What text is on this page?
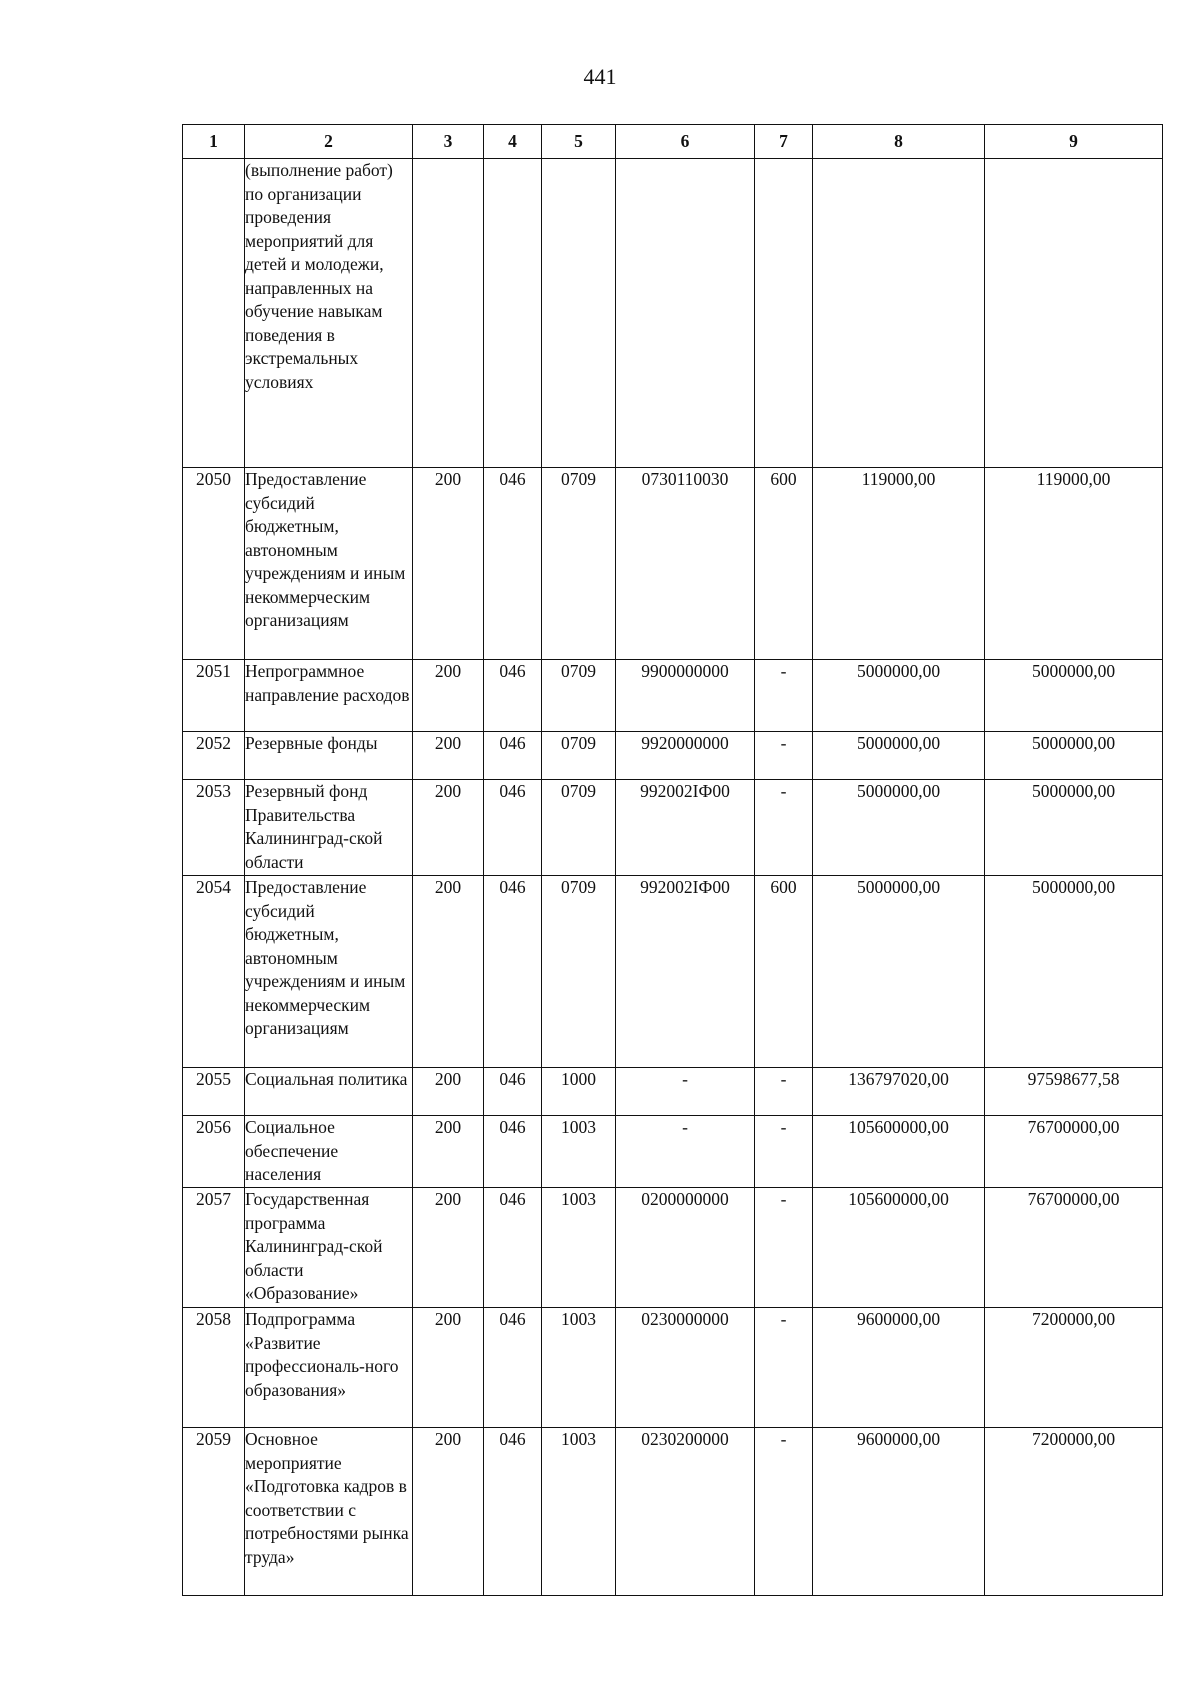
441
1	2	3	4	5	6	7	8	9
	(выполнение работ) по организации проведения мероприятий для детей и молодежи, направленных на обучение навыкам поведения в экстремальных условиях							
2050	Предоставление субсидий бюджетным, автономным учреждениям и иным некоммерческим организациям	200	046	0709	0730110030	600	119000,00	119000,00
2051	Непрограммное направление расходов	200	046	0709	9900000000	-	5000000,00	5000000,00
2052	Резервные фонды	200	046	0709	9920000000	-	5000000,00	5000000,00
2053	Резервный фонд Правительства Калининград-ской области	200	046	0709	992002IФ00	-	5000000,00	5000000,00
2054	Предоставление субсидий бюджетным, автономным учреждениям и иным некоммерческим организациям	200	046	0709	992002IФ00	600	5000000,00	5000000,00
2055	Социальная политика	200	046	1000	-	-	136797020,00	97598677,58
2056	Социальное обеспечение населения	200	046	1003	-	-	105600000,00	76700000,00
2057	Государственная программа Калининград-ской области «Образование»	200	046	1003	0200000000	-	105600000,00	76700000,00
2058	Подпрограмма «Развитие профессиональ-ного образования»	200	046	1003	0230000000	-	9600000,00	7200000,00
2059	Основное мероприятие «Подготовка кадров в соответствии с потребностями рынка труда»	200	046	1003	0230200000	-	9600000,00	7200000,00
